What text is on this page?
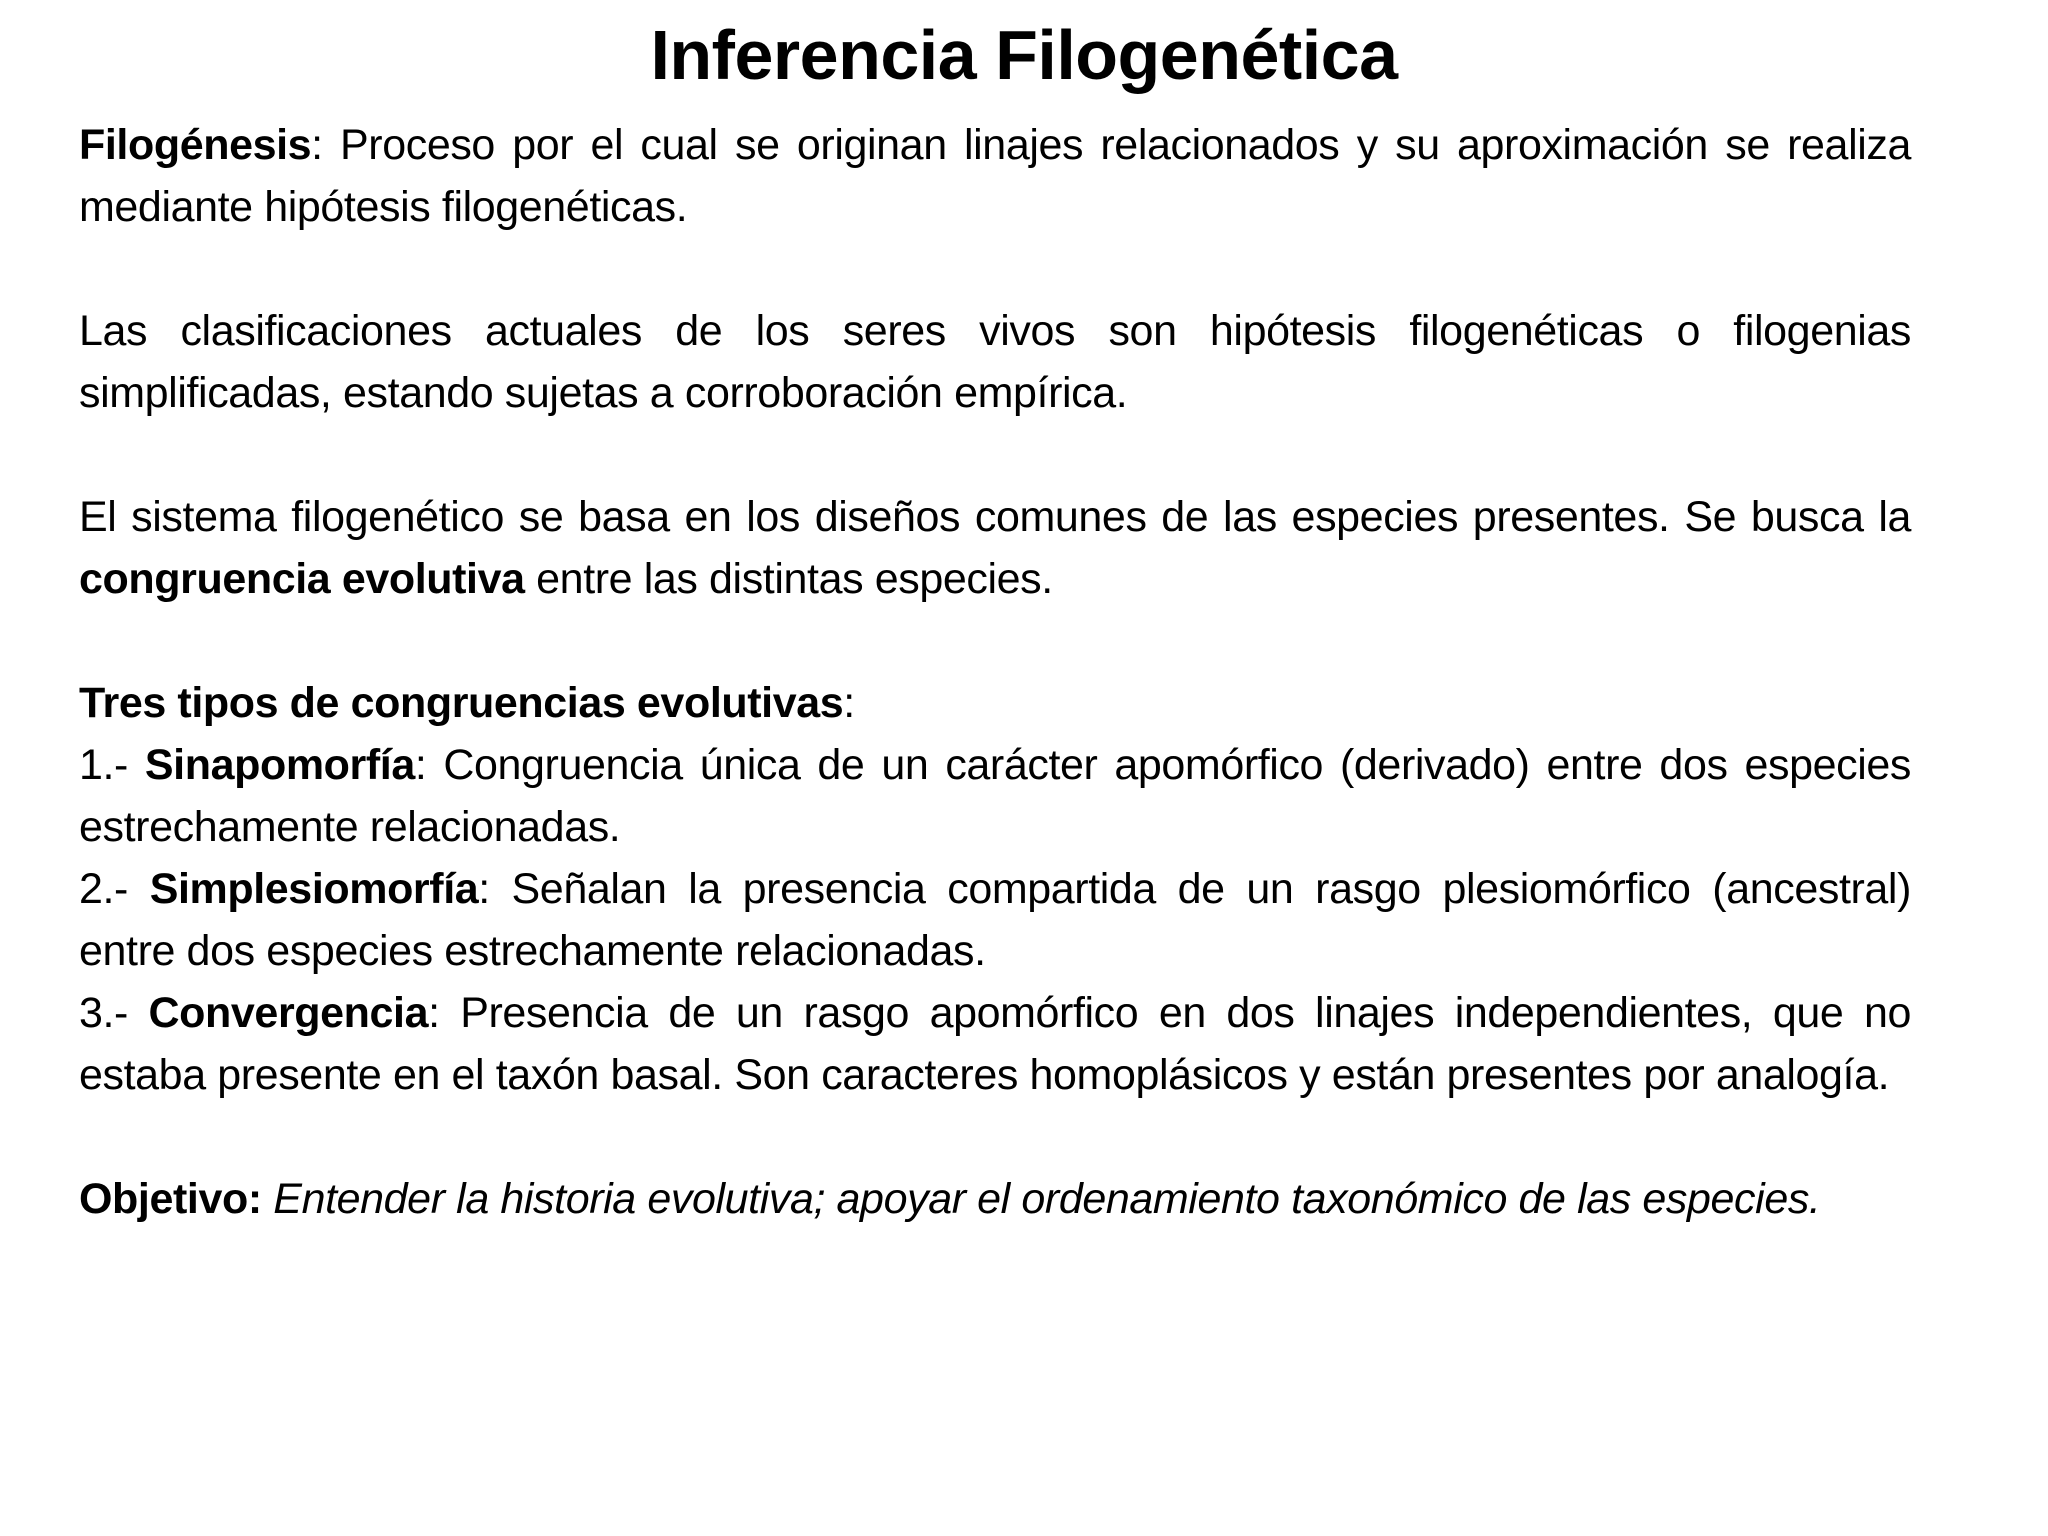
Inferencia Filogenética

Filogénesis: Proceso por el cual se originan linajes relacionados y su aproximación se realiza mediante hipótesis filogenéticas.

Las clasificaciones actuales de los seres vivos son hipótesis filogenéticas o filogenias simplificadas, estando sujetas a corroboración empírica.

El sistema filogenético se basa en los diseños comunes de las especies presentes. Se busca la congruencia evolutiva entre las distintas especies.

Tres tipos de congruencias evolutivas:

1.- Sinapomorfía: Congruencia única de un carácter apomórfico (derivado) entre dos especies estrechamente relacionadas.

2.- Simplesiomorfía: Señalan la presencia compartida de un rasgo plesiomórfico (ancestral) entre dos especies estrechamente relacionadas.

3.- Convergencia: Presencia de un rasgo apomórfico en dos linajes independientes, que no estaba presente en el taxón basal. Son caracteres homoplásicos y están presentes por analogía.

Objetivo: Entender la historia evolutiva; apoyar el ordenamiento taxonómico de las especies.
